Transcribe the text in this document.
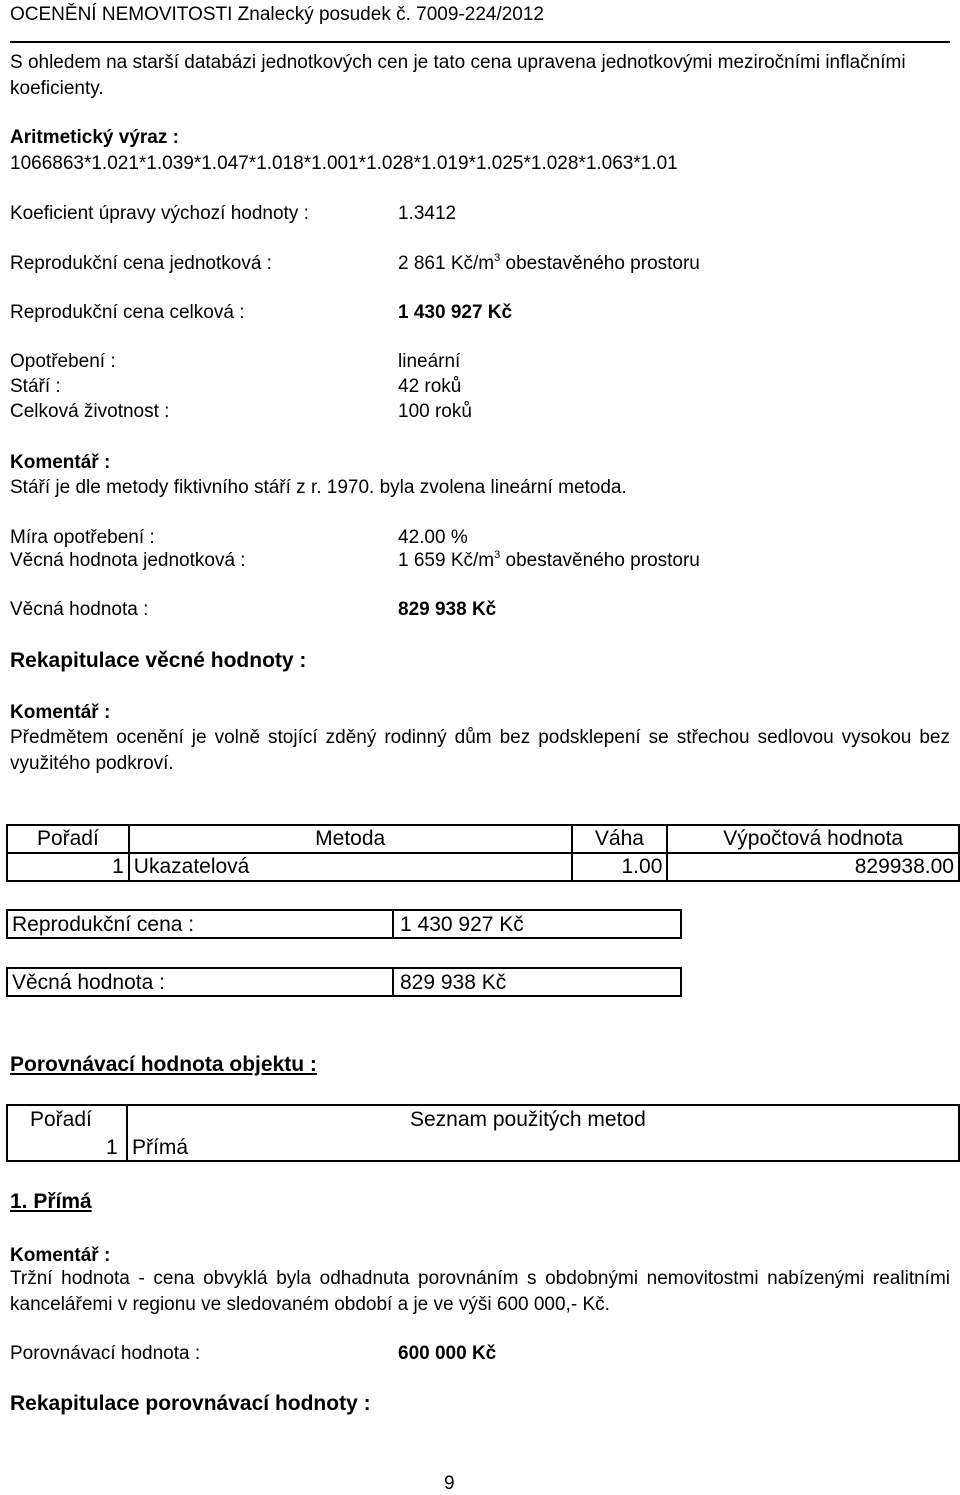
OCENĚNÍ NEMOVITOSTI Znalecký posudek č. 7009-224/2012
S ohledem na starší databázi jednotkových cen je tato cena upravena jednotkovými meziročními inflačními koeficienty.
Aritmetický výraz :
1066863*1.021*1.039*1.047*1.018*1.001*1.028*1.019*1.025*1.028*1.063*1.01
Koeficient úpravy výchozí hodnoty :	1.3412
Reprodukční cena jednotková :	2 861 $Kč/m^3$ obestavěného prostoru
Reprodukční cena celková :	1 430 927 Kč
Opotřebení :	lineární
Stáří :	42 roků
Celková životnost :	100 roků
Komentář :
Stáří je dle metody fiktivního stáří z r. 1970. byla zvolena lineární metoda.
Míra opotřebení :	42.00 %
Věcná hodnota jednotková :	1 659 $Kč/m^3$ obestavěného prostoru
Věcná hodnota :	829 938 Kč
Rekapitulace věcné hodnoty :
Komentář :
Předmětem ocenění je volně stojící zděný rodinný dům bez podsklepení se střechou sedlovou vysokou bez využitého podkroví.
Pořadí	Metoda	Váha	Výpočtová hodnota
1	Ukazatelová	1.00	829938.00
Reprodukční cena :	1 430 927 Kč
Věcná hodnota :	829 938 Kč
Porovnávací hodnota objektu :
Pořadí	Seznam použitých metod
1 Přímá
1. Přímá
Komentář :
Tržní hodnota - cena obvyklá byla odhadnuta porovnáním s obdobnými nemovitostmi nabízenými realitními kancelářemi v regionu ve sledovaném období a je ve výši 600 000,- Kč.
Porovnávací hodnota :	600 000 Kč
Rekapitulace porovnávací hodnoty :
9
